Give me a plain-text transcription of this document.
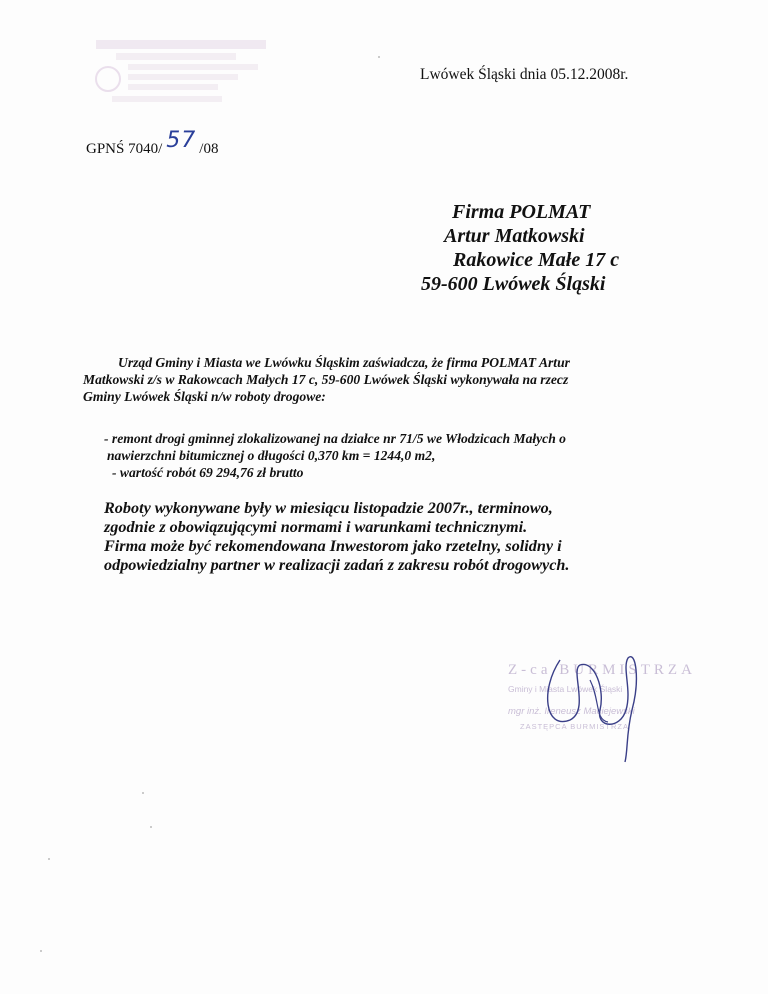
Lwówek Śląski dnia 05.12.2008r.
GPNŚ 7040/ 57 /08
Firma POLMAT
Artur Matkowski
Rakowice Małe 17 c
59-600 Lwówek Śląski
Urząd Gminy i Miasta we Lwówku Śląskim zaświadcza, że firma POLMAT Artur
Matkowski z/s w Rakowcach Małych 17 c, 59-600 Lwówek Śląski wykonywała na rzecz
Gminy Lwówek Śląski n/w roboty drogowe:
- remont drogi gminnej zlokalizowanej na działce nr 71/5 we Włodzicach Małych o
nawierzchni bitumicznej o długości 0,370 km = 1244,0 m2,
- wartość robót 69 294,76 zł brutto
Roboty wykonywane były w miesiącu listopadzie 2007r., terminowo,
zgodnie z obowiązującymi normami i warunkami technicznymi.
Firma może być rekomendowana Inwestorom jako rzetelny, solidny i
odpowiedzialny partner w realizacji zadań z zakresu robót drogowych.
Z-ca BURMISTRZA
Gminy i Miasta Lwówek Śląski
mgr inż. Ireneusz Maciejewski
ZASTĘPCA BURMISTRZA
